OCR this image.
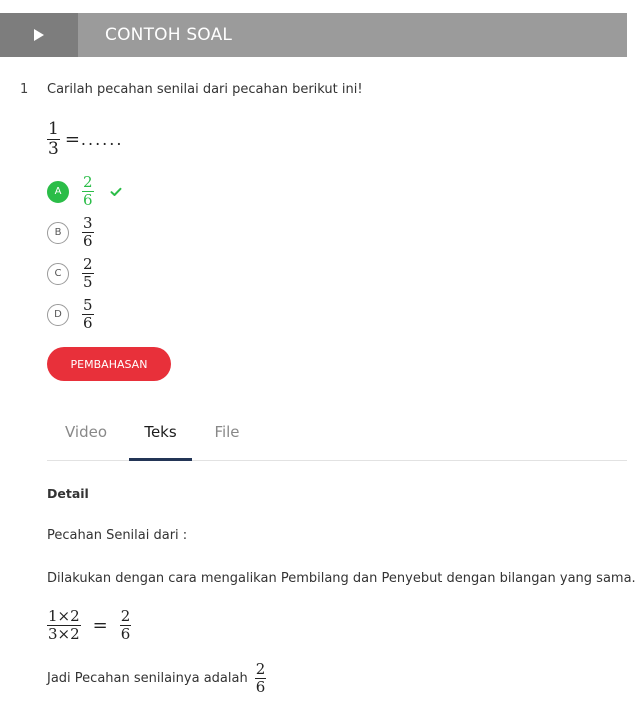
CONTOH SOAL
1 Carilah pecahan senilai dari pecahan berikut ini!
$\frac{1}{3}$ = ......
A	$\frac{2}{6}$
B	$\frac{3}{6}$
C	$\frac{2}{5}$
D	$\frac{5}{6}$
PEMBAHASAN
Video	Teks	File
Detail
Pecahan Senilai dari :
Dilakukan dengan cara mengalikan Pembilang dan Penyebut dengan bilangan yang sama.
$\frac{1\times 2}{3\times 2} = \frac{2}{6}$
Jadi Pecahan senilainya adalah $\frac{2}{6}$
